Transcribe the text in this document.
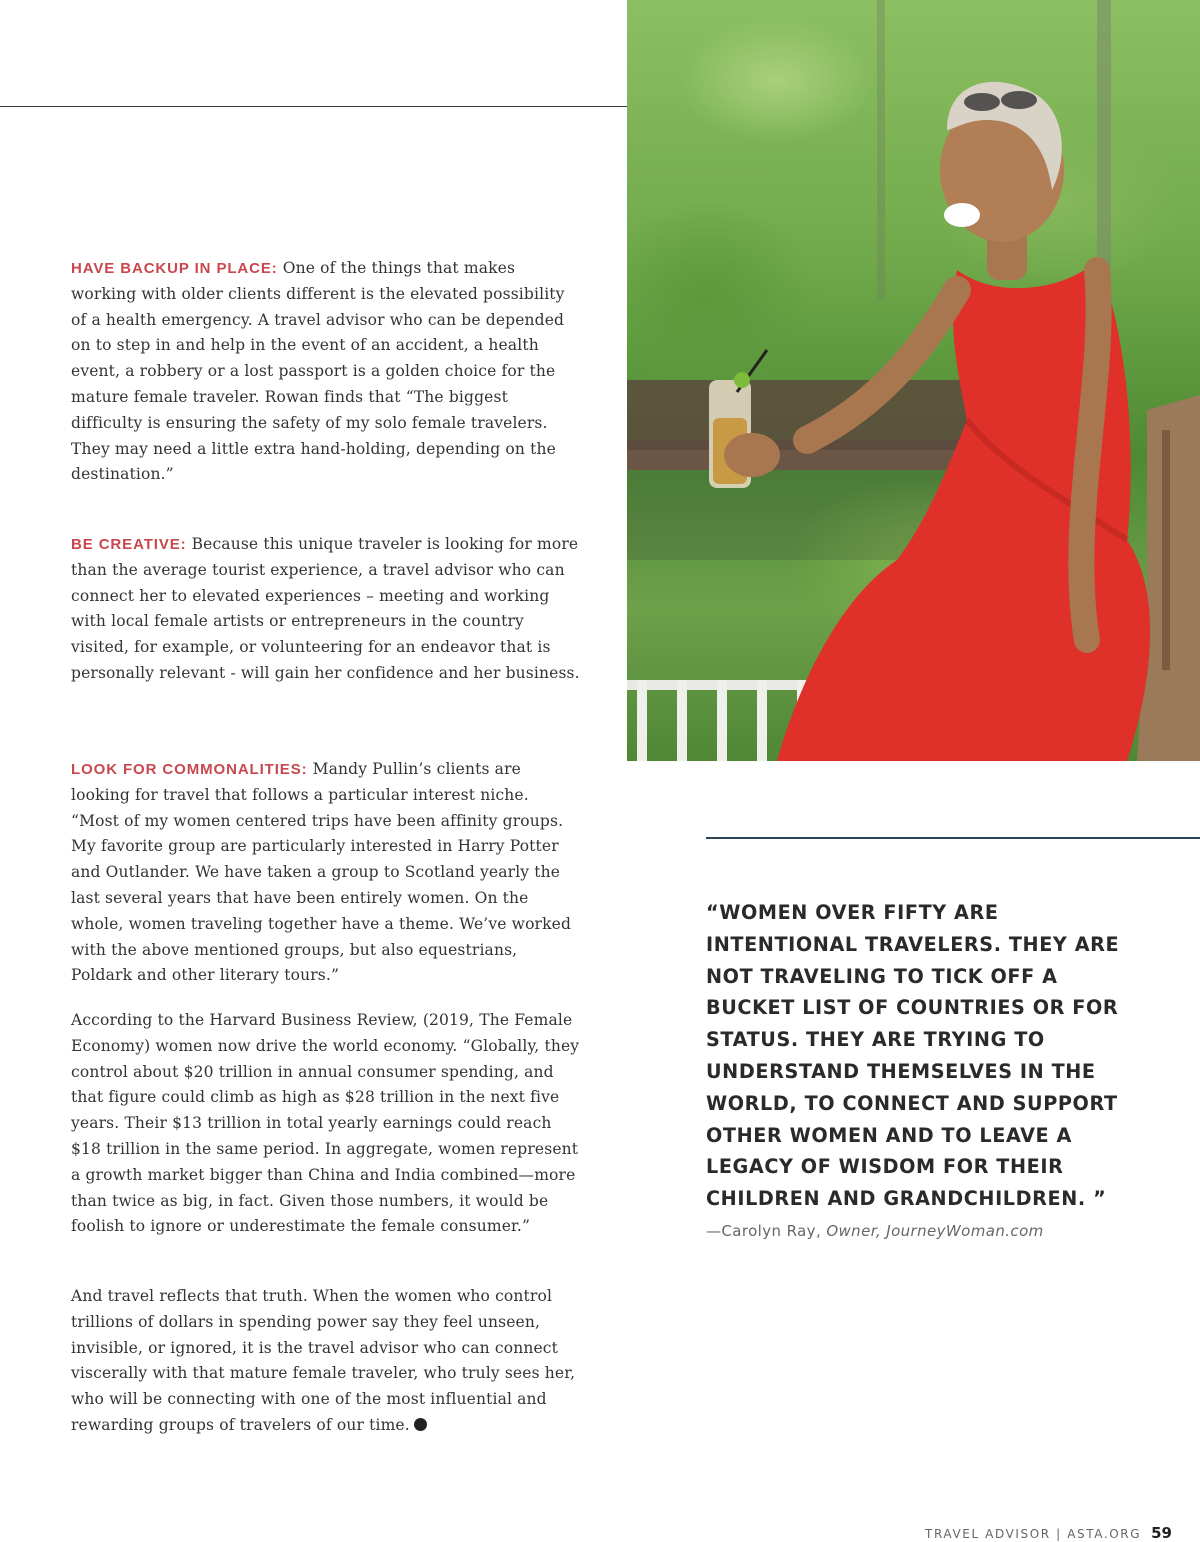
HAVE BACKUP IN PLACE: One of the things that makes working with older clients different is the elevated possibility of a health emergency. A travel advisor who can be depended on to step in and help in the event of an accident, a health event, a robbery or a lost passport is a golden choice for the mature female traveler. Rowan finds that “The biggest difficulty is ensuring the safety of my solo female travelers. They may need a little extra hand-holding, depending on the destination.”

BE CREATIVE: Because this unique traveler is looking for more than the average tourist experience, a travel advisor who can connect her to elevated experiences – meeting and working with local female artists or entrepreneurs in the country visited, for example, or volunteering for an endeavor that is personally relevant - will gain her confidence and her business.

LOOK FOR COMMONALITIES: Mandy Pullin’s clients are looking for travel that follows a particular interest niche. “Most of my women centered trips have been affinity groups. My favorite group are particularly interested in Harry Potter and Outlander. We have taken a group to Scotland yearly the last several years that have been entirely women. On the whole, women traveling together have a theme. We’ve worked with the above mentioned groups, but also equestrians, Poldark and other literary tours.”

According to the Harvard Business Review, (2019, The Female Economy) women now drive the world economy. “Globally, they control about $20 trillion in annual consumer spending, and that figure could climb as high as $28 trillion in the next five years. Their $13 trillion in total yearly earnings could reach $18 trillion in the same period. In aggregate, women represent a growth market bigger than China and India combined—more than twice as big, in fact. Given those numbers, it would be foolish to ignore or underestimate the female consumer.”

And travel reflects that truth. When the women who control trillions of dollars in spending power say they feel unseen, invisible, or ignored, it is the travel advisor who can connect viscerally with that mature female traveler, who truly sees her, who will be connecting with one of the most influential and rewarding groups of travelers of our time.

“WOMEN OVER FIFTY ARE INTENTIONAL TRAVELERS. THEY ARE NOT TRAVELING TO TICK OFF A BUCKET LIST OF COUNTRIES OR FOR STATUS. THEY ARE TRYING TO UNDERSTAND THEMSELVES IN THE WORLD, TO CONNECT AND SUPPORT OTHER WOMEN AND TO LEAVE A LEGACY OF WISDOM FOR THEIR CHILDREN AND GRANDCHILDREN. ”
—Carolyn Ray, Owner, JourneyWoman.com
TRAVEL ADVISOR | ASTA.ORG 59
